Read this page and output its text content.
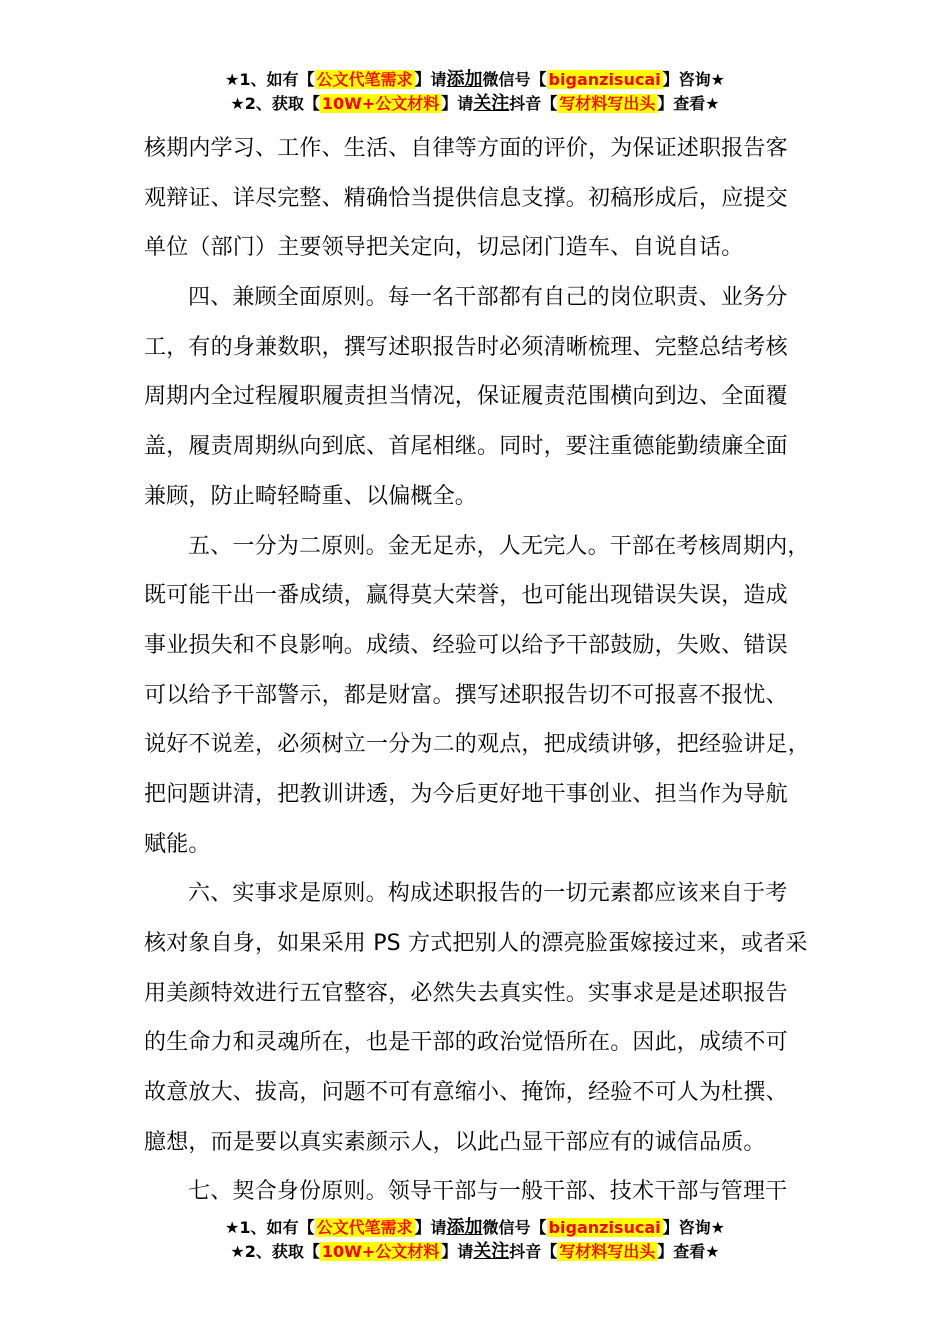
★1、如有【 公文代笔需求 】请添加微信号【 biganzisucai 】咨询★
★2、获取【 10W+公文材料 】请关注抖音【 写材料写出头 】查看★
核期内学习、工作、生活、自律等方面的评价，为保证述职报告客
观辩证、详尽完整、精确恰当提供信息支撑。初稿形成后，应提交
单位（部门）主要领导把关定向，切忌闭门造车、自说自话。
四、兼顾全面原则。每一名干部都有自己的岗位职责、业务分
工，有的身兼数职，撰写述职报告时必须清晰梳理、完整总结考核
周期内全过程履职履责担当情况，保证履责范围横向到边、全面覆
盖，履责周期纵向到底、首尾相继。同时，要注重德能勤绩廉全面
兼顾，防止畸轻畸重、以偏概全。
五、一分为二原则。金无足赤，人无完人。干部在考核周期内，
既可能干出一番成绩，赢得莫大荣誉，也可能出现错误失误，造成
事业损失和不良影响。成绩、经验可以给予干部鼓励，失败、错误
可以给予干部警示，都是财富。撰写述职报告切不可报喜不报忧、
说好不说差，必须树立一分为二的观点，把成绩讲够，把经验讲足，
把问题讲清，把教训讲透，为今后更好地干事创业、担当作为导航
赋能。
六、实事求是原则。构成述职报告的一切元素都应该来自于考
核对象自身，如果采用 PS 方式把别人的漂亮脸蛋嫁接过来，或者采
用美颜特效进行五官整容，必然失去真实性。实事求是是述职报告
的生命力和灵魂所在，也是干部的政治觉悟所在。因此，成绩不可
故意放大、拔高，问题不可有意缩小、掩饰，经验不可人为杜撰、
臆想，而是要以真实素颜示人，以此凸显干部应有的诚信品质。
七、契合身份原则。领导干部与一般干部、技术干部与管理干
★1、如有【 公文代笔需求 】请添加微信号【 biganzisucai 】咨询★
★2、获取【 10W+公文材料 】请关注抖音【 写材料写出头 】查看★
